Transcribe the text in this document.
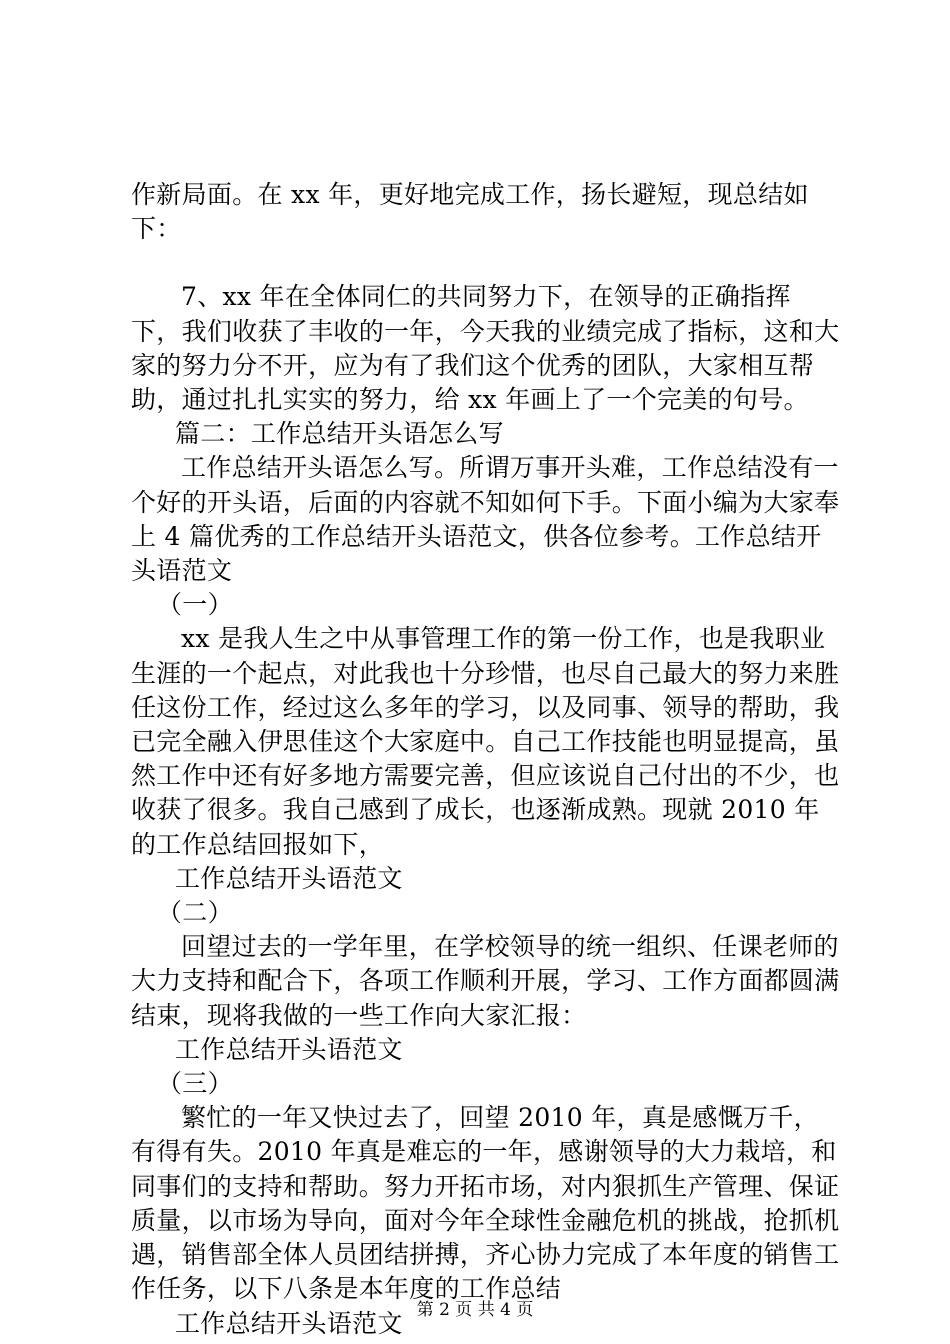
作新局面。在 xx 年，更好地完成工作，扬长避短，现总结如下：

7、xx 年在全体同仁的共同努力下，在领导的正确指挥下，我们收获了丰收的一年，今天我的业绩完成了指标，这和大家的努力分不开，应为有了我们这个优秀的团队，大家相互帮助，通过扎扎实实的努力，给 xx 年画上了一个完美的句号。

篇二：工作总结开头语怎么写

工作总结开头语怎么写。所谓万事开头难，工作总结没有一个好的开头语，后面的内容就不知如何下手。下面小编为大家奉上 4 篇优秀的工作总结开头语范文，供各位参考。工作总结开头语范文

（一）

xx 是我人生之中从事管理工作的第一份工作，也是我职业生涯的一个起点，对此我也十分珍惜，也尽自己最大的努力来胜任这份工作，经过这么多年的学习，以及同事、领导的帮助，我已完全融入伊思佳这个大家庭中。自己工作技能也明显提高，虽然工作中还有好多地方需要完善，但应该说自己付出的不少，也收获了很多。我自己感到了成长，也逐渐成熟。现就 2010 年的工作总结回报如下，

工作总结开头语范文

（二）

回望过去的一学年里，在学校领导的统一组织、任课老师的大力支持和配合下，各项工作顺利开展，学习、工作方面都圆满结束，现将我做的一些工作向大家汇报：

工作总结开头语范文

（三）

繁忙的一年又快过去了，回望 2010 年，真是感慨万千，有得有失。2010 年真是难忘的一年，感谢领导的大力栽培，和同事们的支持和帮助。努力开拓市场，对内狠抓生产管理、保证质量，以市场为导向，面对今年全球性金融危机的挑战，抢抓机遇，销售部全体人员团结拼搏，齐心协力完成了本年度的销售工作任务，以下八条是本年度的工作总结

工作总结开头语范文 第 2 页 共 4 页
